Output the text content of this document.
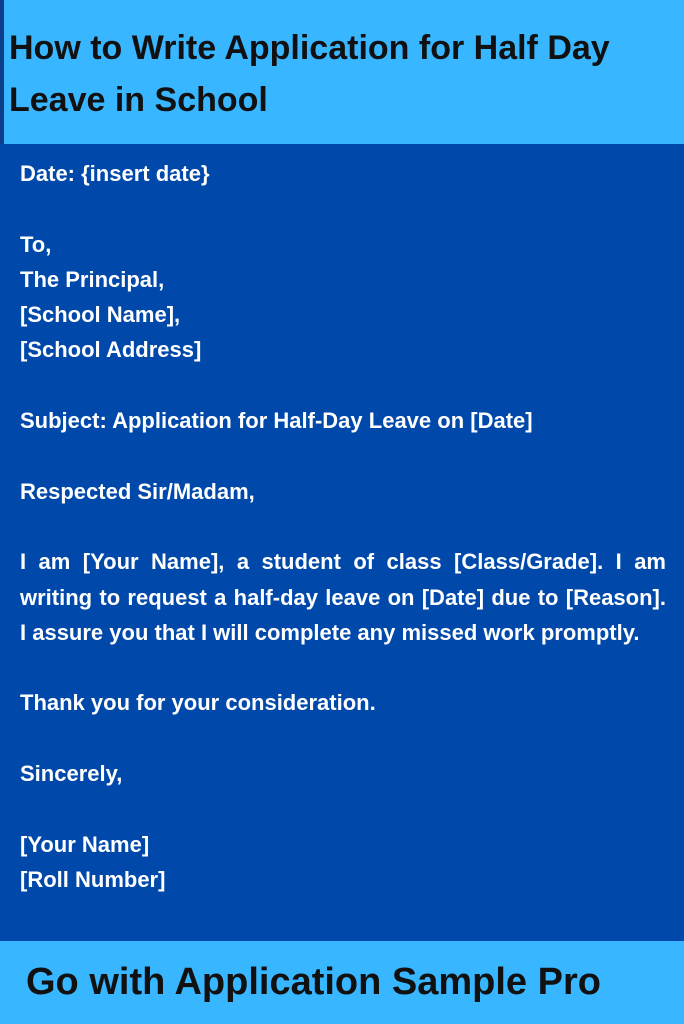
How to Write Application for Half Day Leave in School
Date: {insert date}
To,
The Principal,
[School Name],
[School Address]
Subject: Application for Half-Day Leave on [Date]
Respected Sir/Madam,
I am [Your Name], a student of class [Class/Grade]. I am writing to request a half-day leave on [Date] due to [Reason]. I assure you that I will complete any missed work promptly.
Thank you for your consideration.
Sincerely,
[Your Name]
[Roll Number]
Go with Application Sample Pro
